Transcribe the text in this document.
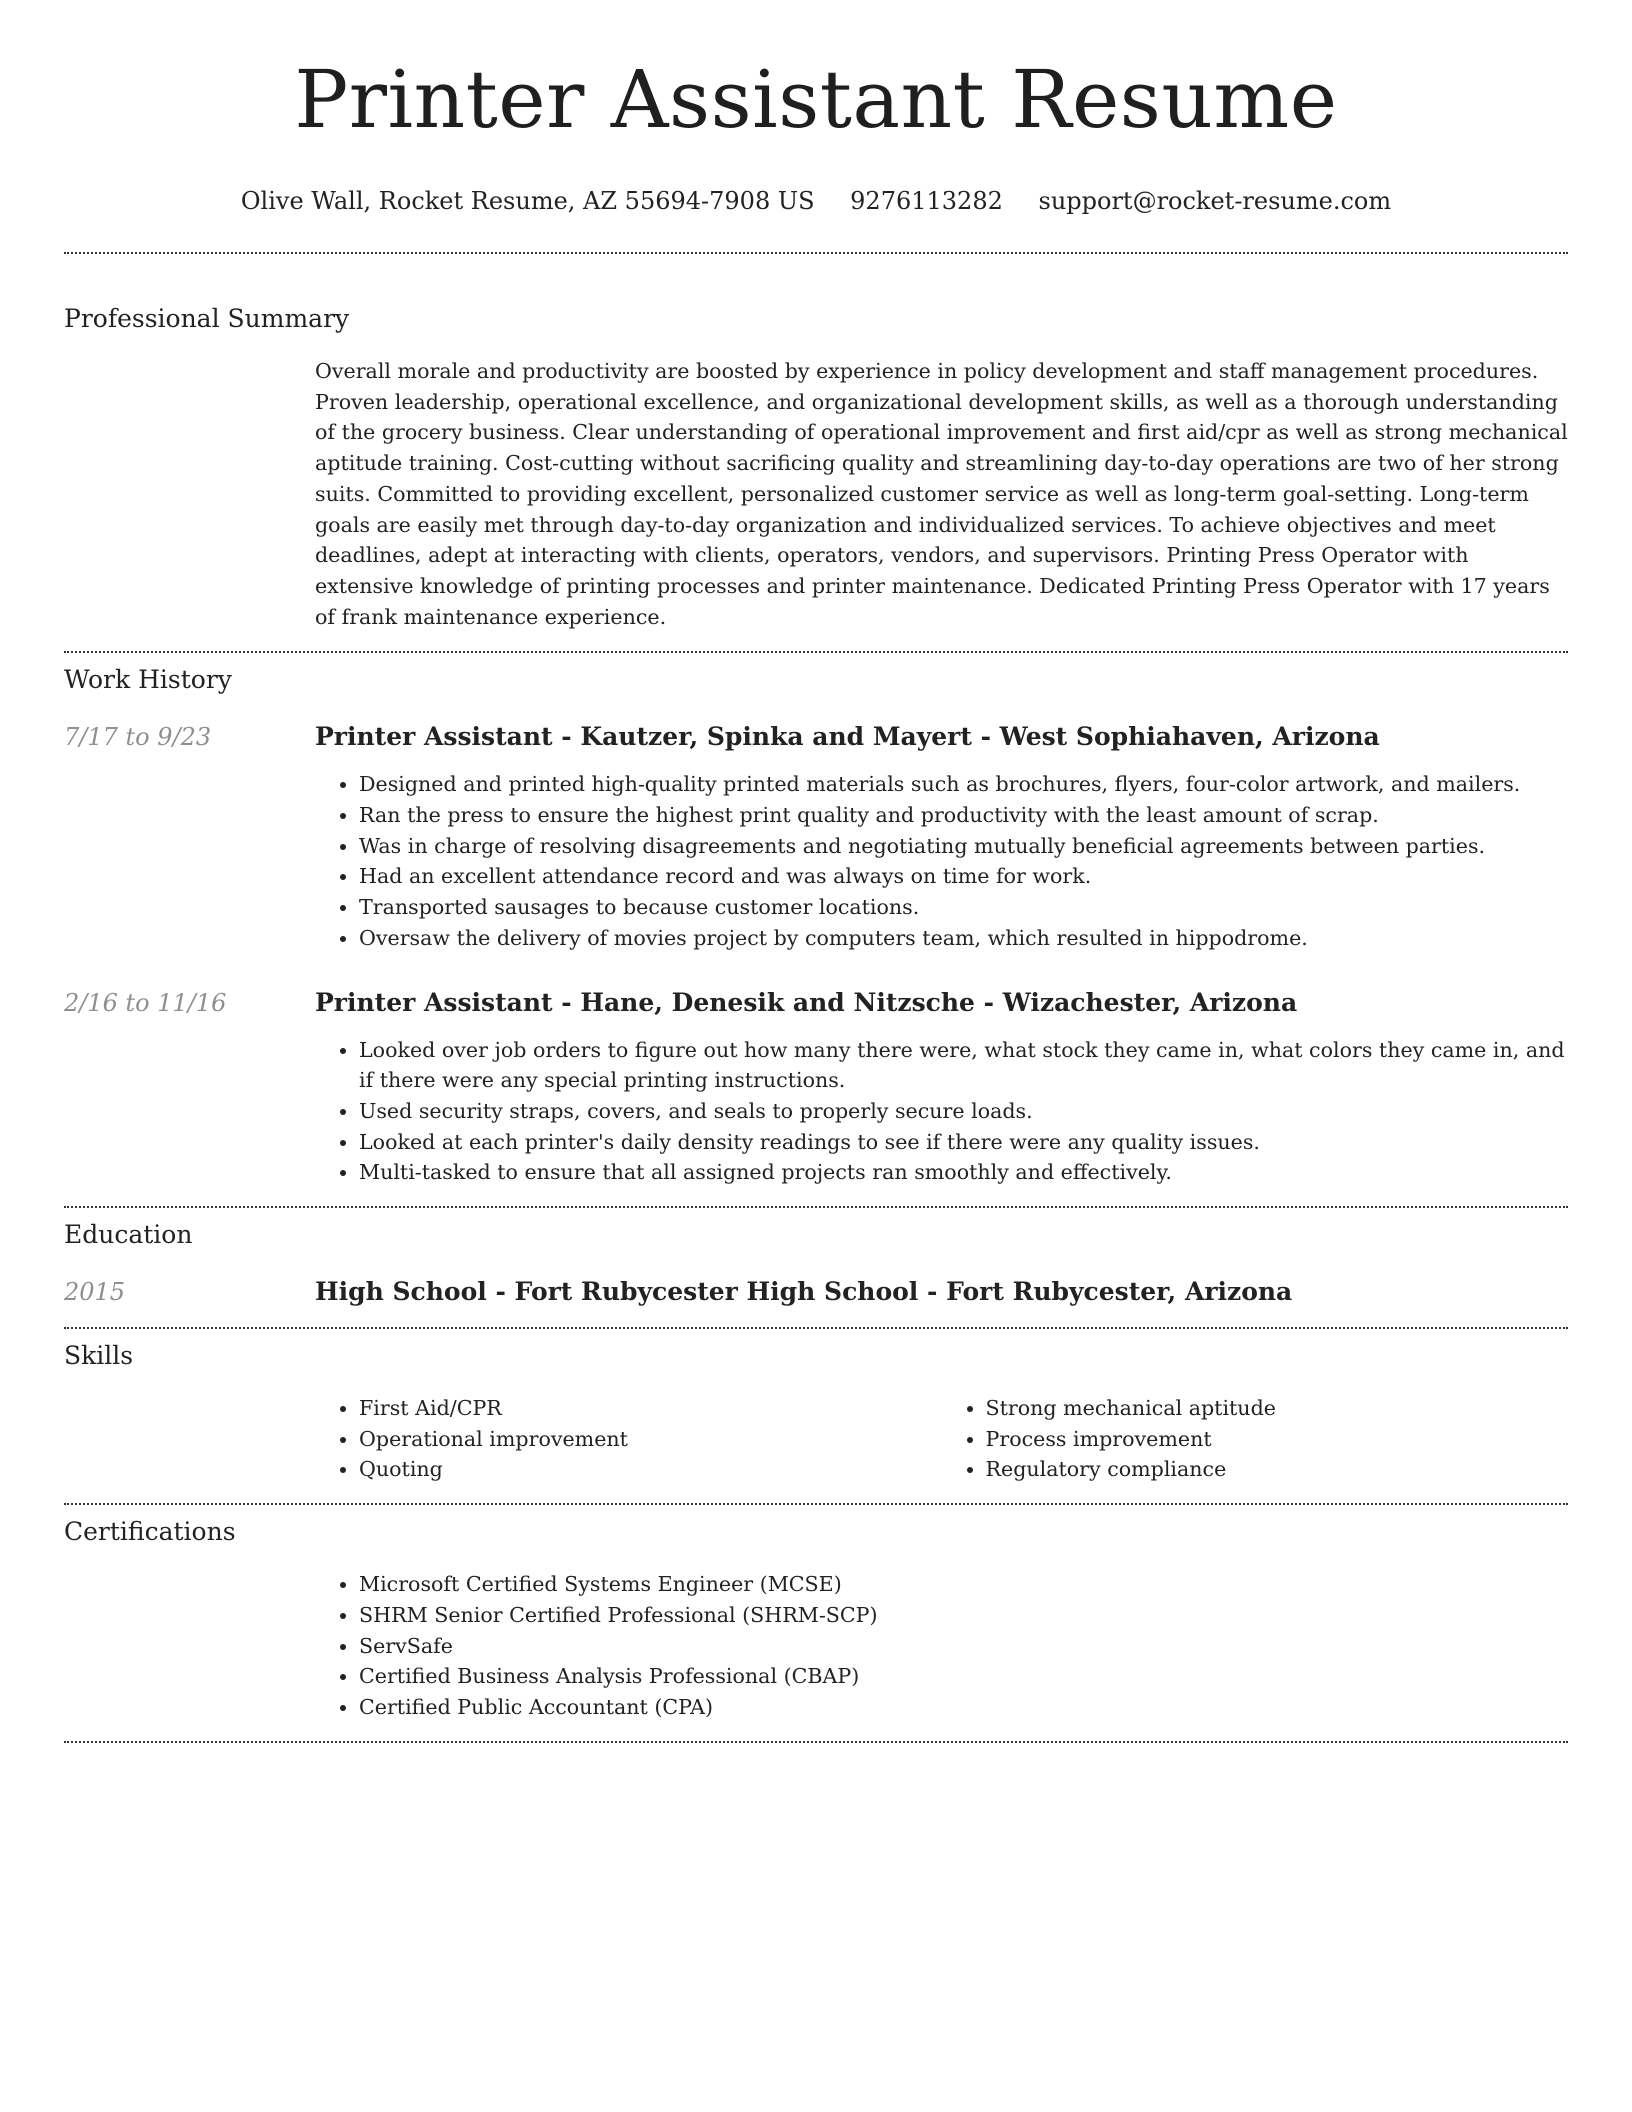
Printer Assistant Resume
Olive Wall, Rocket Resume, AZ 55694-7908 US 9276113282 support@rocket-resume.com
Professional Summary

Overall morale and productivity are boosted by experience in policy development and staff management procedures. Proven leadership, operational excellence, and organizational development skills, as well as a thorough understanding of the grocery business. Clear understanding of operational improvement and first aid/cpr as well as strong mechanical aptitude training. Cost-cutting without sacrificing quality and streamlining day-to-day operations are two of her strong suits. Committed to providing excellent, personalized customer service as well as long-term goal-setting. Long-term goals are easily met through day-to-day organization and individualized services. To achieve objectives and meet deadlines, adept at interacting with clients, operators, vendors, and supervisors. Printing Press Operator with extensive knowledge of printing processes and printer maintenance. Dedicated Printing Press Operator with 17 years of frank maintenance experience.

Work History
7/17 to 9/23	Printer Assistant - Kautzer, Spinka and Mayert - West Sophiahaven, Arizona
• Designed and printed high-quality printed materials such as brochures, flyers, four-color artwork, and mailers.
• Ran the press to ensure the highest print quality and productivity with the least amount of scrap.
• Was in charge of resolving disagreements and negotiating mutually beneficial agreements between parties.
• Had an excellent attendance record and was always on time for work.
• Transported sausages to because customer locations.
• Oversaw the delivery of movies project by computers team, which resulted in hippodrome.
2/16 to 11/16	Printer Assistant - Hane, Denesik and Nitzsche - Wizachester, Arizona
• Looked over job orders to figure out how many there were, what stock they came in, what colors they came in, and if there were any special printing instructions.
• Used security straps, covers, and seals to properly secure loads.
• Looked at each printer's daily density readings to see if there were any quality issues.
• Multi-tasked to ensure that all assigned projects ran smoothly and effectively.
Education
2015	High School - Fort Rubycester High School - Fort Rubycester, Arizona
Skills
• First Aid/CPR
• Operational improvement
• Quoting
• Strong mechanical aptitude
• Process improvement
• Regulatory compliance
Certifications
• Microsoft Certified Systems Engineer (MCSE)
• SHRM Senior Certified Professional (SHRM-SCP)
• ServSafe
• Certified Business Analysis Professional (CBAP)
• Certified Public Accountant (CPA)
